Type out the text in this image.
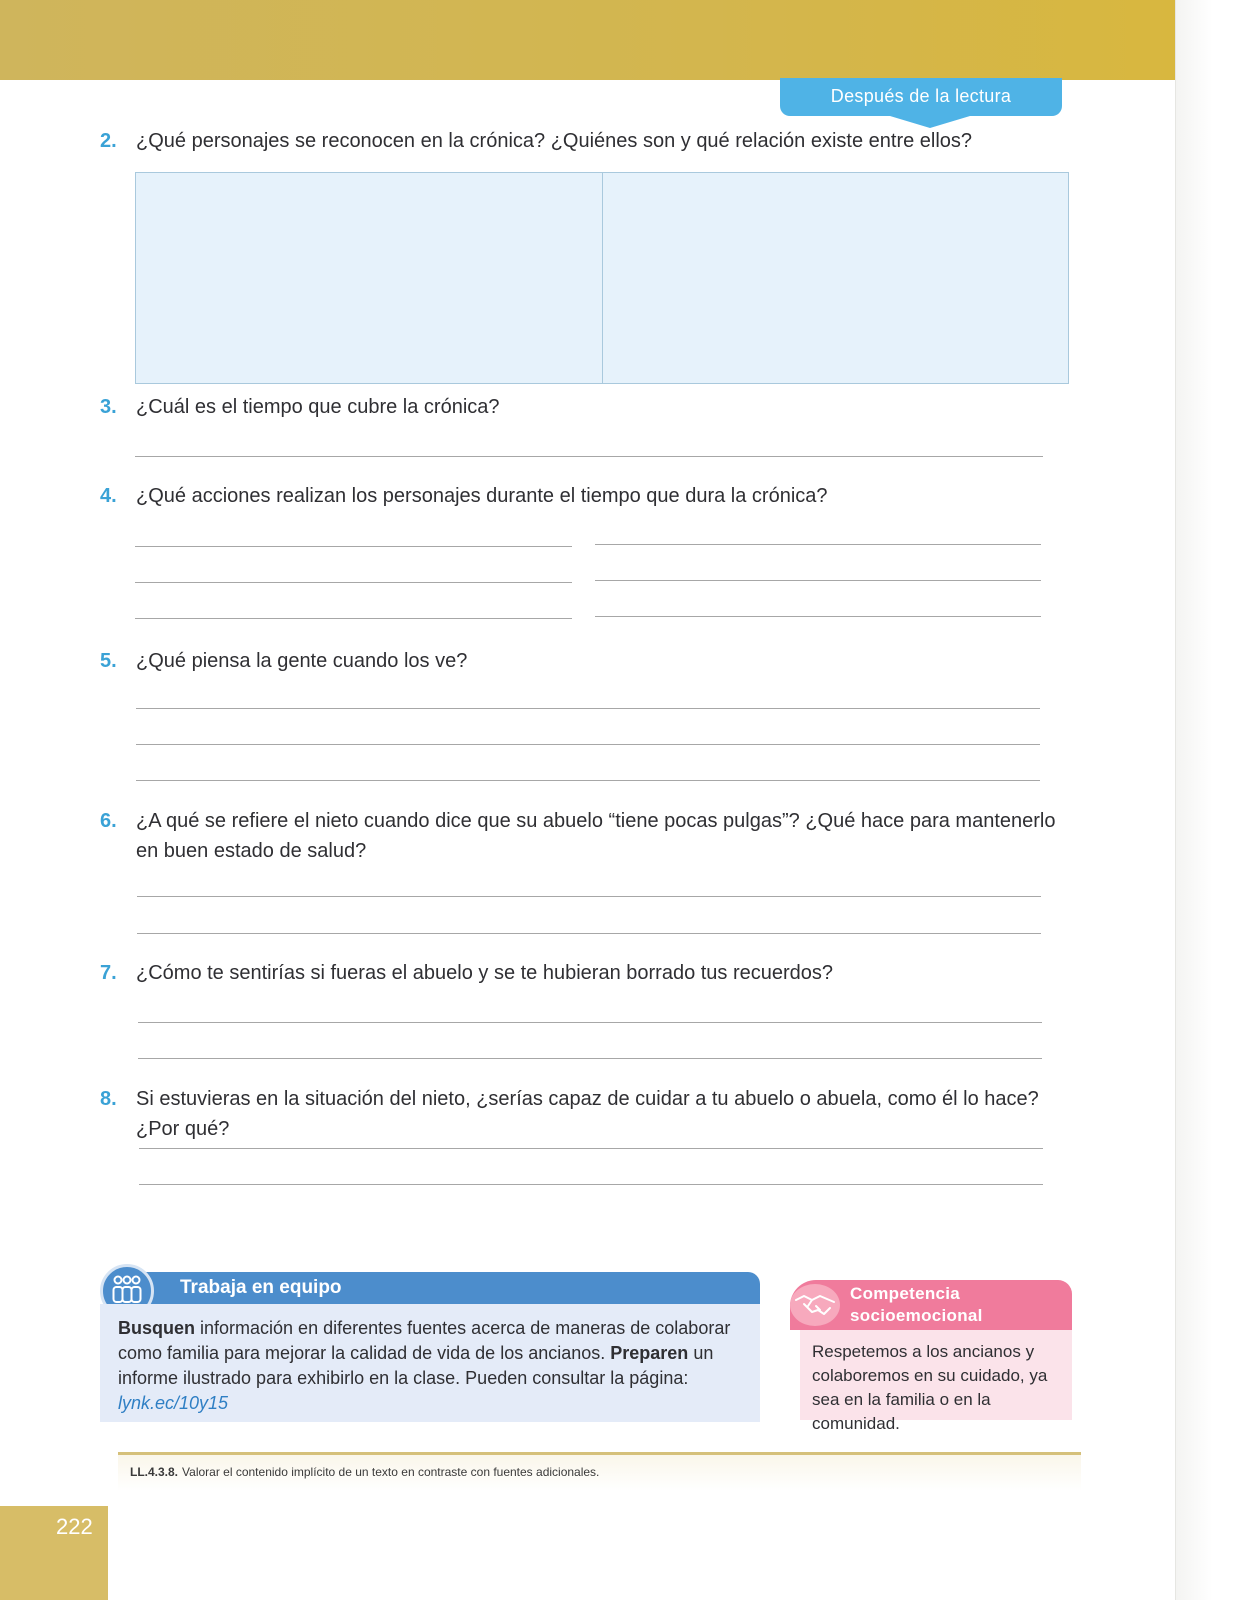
Después de la lectura
2. ¿Qué personajes se reconocen en la crónica? ¿Quiénes son y qué relación existe entre ellos?
3. ¿Cuál es el tiempo que cubre la crónica?
4. ¿Qué acciones realizan los personajes durante el tiempo que dura la crónica?
5. ¿Qué piensa la gente cuando los ve?
6. ¿A qué se refiere el nieto cuando dice que su abuelo “tiene pocas pulgas”? ¿Qué hace para mantenerlo en buen estado de salud?
7. ¿Cómo te sentirías si fueras el abuelo y se te hubieran borrado tus recuerdos?
8. Si estuvieras en la situación del nieto, ¿serías capaz de cuidar a tu abuelo o abuela, como él lo hace? ¿Por qué?
Trabaja en equipo
Busquen información en diferentes fuentes acerca de maneras de colaborar como familia para mejorar la calidad de vida de los ancianos. Preparen un informe ilustrado para exhibirlo en la clase. Pueden consultar la página:
lynk.ec/10y15
Competencia
socioemocional
Respetemos a los ancianos y colaboremos en su cuidado, ya sea en la familia o en la comunidad.
LL.4.3.8. Valorar el contenido implícito de un texto en contraste con fuentes adicionales.
222
